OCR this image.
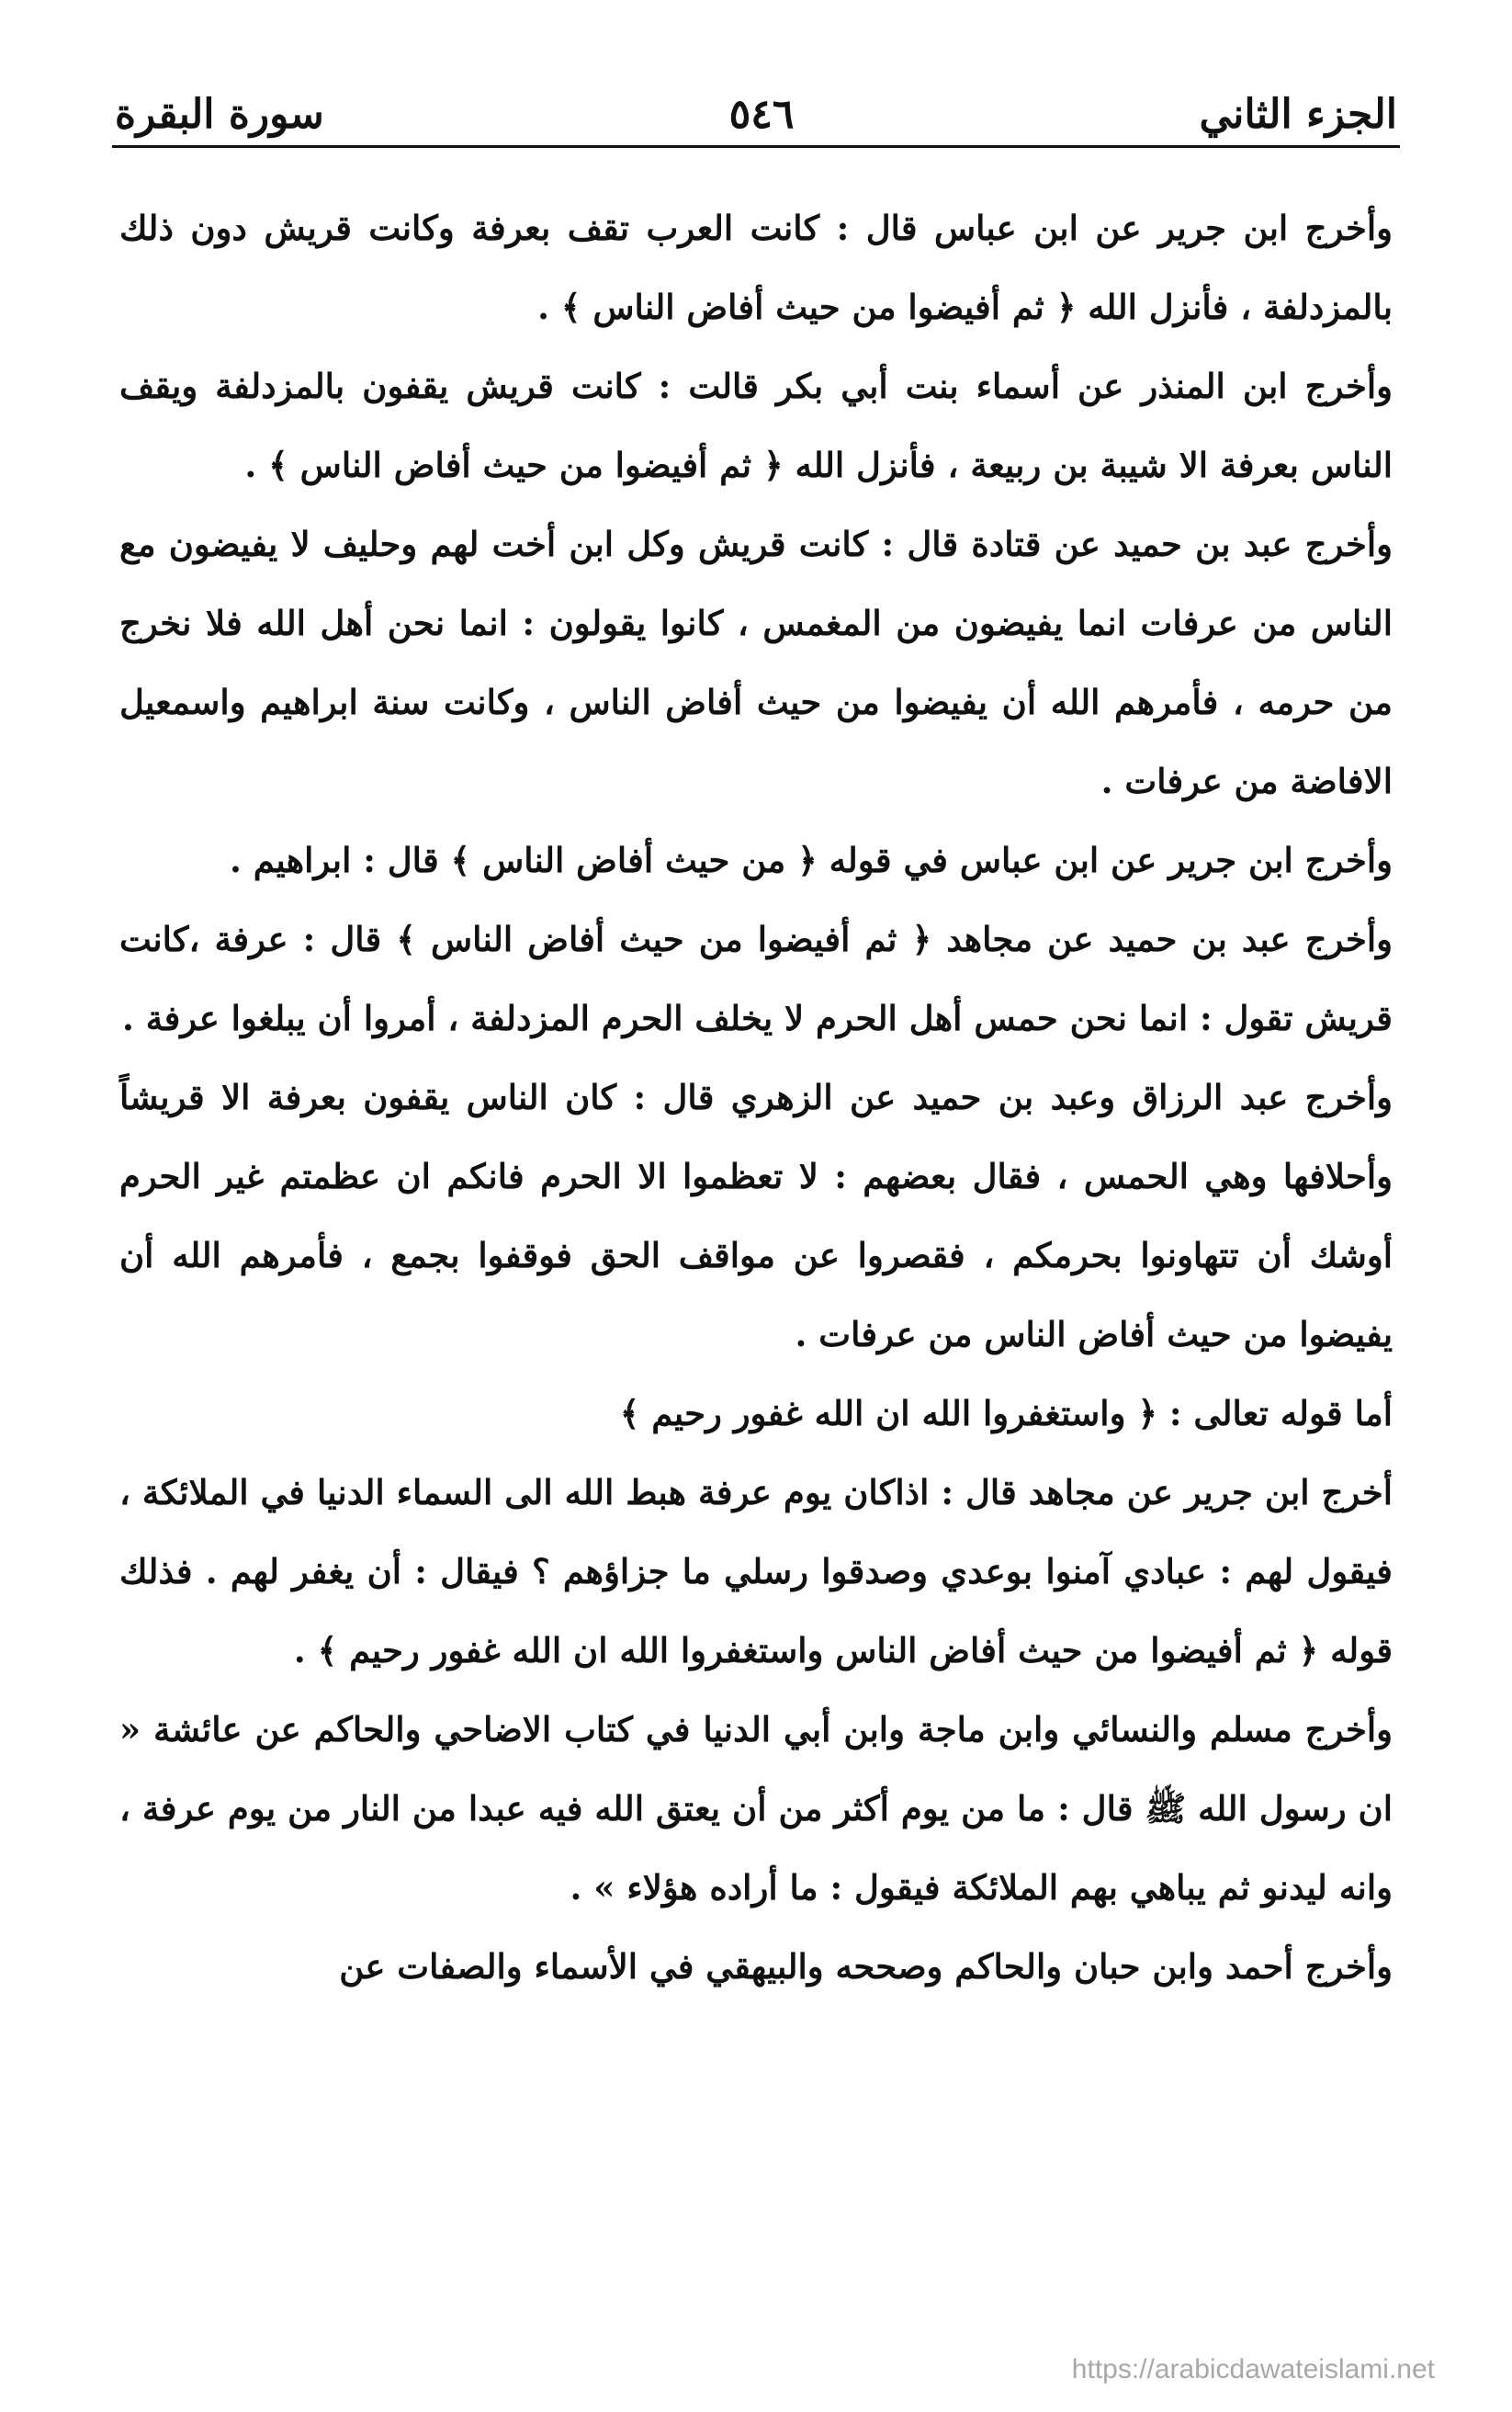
الجزء الثاني
٥٤٦
سورة البقرة

وأخرج ابن جرير عن ابن عباس قال : كانت العرب تقف بعرفة وكانت قريش دون ذلك بالمزدلفة ، فأنزل الله ﴿ ثم أفيضوا من حيث أفاض الناس ﴾ .

وأخرج ابن المنذر عن أسماء بنت أبي بكر قالت : كانت قريش يقفون بالمزدلفة ويقف الناس بعرفة الا شيبة بن ربيعة ، فأنزل الله ﴿ ثم أفيضوا من حيث أفاض الناس ﴾ .

وأخرج عبد بن حميد عن قتادة قال : كانت قريش وكل ابن أخت لهم وحليف لا يفيضون مع الناس من عرفات انما يفيضون من المغمس ، كانوا يقولون : انما نحن أهل الله فلا نخرج من حرمه ، فأمرهم الله أن يفيضوا من حيث أفاض الناس ، وكانت سنة ابراهيم واسمعيل الافاضة من عرفات .

وأخرج ابن جرير عن ابن عباس في قوله ﴿ من حيث أفاض الناس ﴾ قال : ابراهيم .

وأخرج عبد بن حميد عن مجاهد ﴿ ثم أفيضوا من حيث أفاض الناس ﴾ قال : عرفة ،كانت قريش تقول : انما نحن حمس أهل الحرم لا يخلف الحرم المزدلفة ، أمروا أن يبلغوا عرفة .

وأخرج عبد الرزاق وعبد بن حميد عن الزهري قال : كان الناس يقفون بعرفة الا قريشاً وأحلافها وهي الحمس ، فقال بعضهم : لا تعظموا الا الحرم فانكم ان عظمتم غير الحرم أوشك أن تتهاونوا بحرمكم ، فقصروا عن مواقف الحق فوقفوا بجمع ، فأمرهم الله أن يفيضوا من حيث أفاض الناس من عرفات .

أما قوله تعالى : ﴿ واستغفروا الله ان الله غفور رحيم ﴾

أخرج ابن جرير عن مجاهد قال : اذاكان يوم عرفة هبط الله الى السماء الدنيا في الملائكة ، فيقول لهم : عبادي آمنوا بوعدي وصدقوا رسلي ما جزاؤهم ؟ فيقال : أن يغفر لهم . فذلك قوله ﴿ ثم أفيضوا من حيث أفاض الناس واستغفروا الله ان الله غفور رحيم ﴾ .

وأخرج مسلم والنسائي وابن ماجة وابن أبي الدنيا في كتاب الاضاحي والحاكم عن عائشة « ان رسول الله ﷺ قال : ما من يوم أكثر من أن يعتق الله فيه عبدا من النار من يوم عرفة ، وانه ليدنو ثم يباهي بهم الملائكة فيقول : ما أراده هؤلاء » .

وأخرج أحمد وابن حبان والحاكم وصححه والبيهقي في الأسماء والصفات عن

https://arabicdawateislami.net
